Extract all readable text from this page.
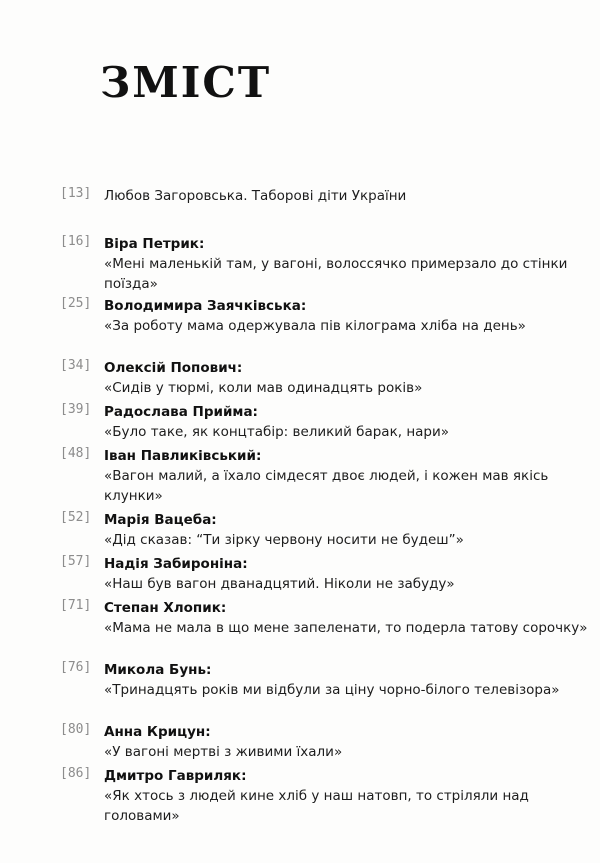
ЗМІСТ
[13] Любов Загоровська. Таборові діти України
[16] Віра Петрик:
«Мені маленькій там, у вагоні, волоссячко примерзало до стінки поїзда»
[25] Володимира Заячківська:
«За роботу мама одержувала пів кілограма хліба на день»
[34] Олексій Попович:
«Сидів у тюрмі, коли мав одинадцять років»
[39] Радослава Прийма:
«Було таке, як концтабір: великий барак, нари»
[48] Іван Павликівський:
«Вагон малий, а їхало сімдесят двоє людей, і кожен мав якісь клунки»
[52] Марія Вацеба:
«Дід сказав: “Ти зірку червону носити не будеш”»
[57] Надія Забироніна:
«Наш був вагон дванадцятий. Ніколи не забуду»
[71] Степан Хлопик:
«Мама не мала в що мене запеленати, то подерла татову сорочку»
[76] Микола Бунь:
«Тринадцять років ми відбули за ціну чорно-білого телевізора»
[80] Анна Крицун:
«У вагоні мертві з живими їхали»
[86] Дмитро Гавриляк:
«Як хтось з людей кине хліб у наш натовп, то стріляли над головами»
